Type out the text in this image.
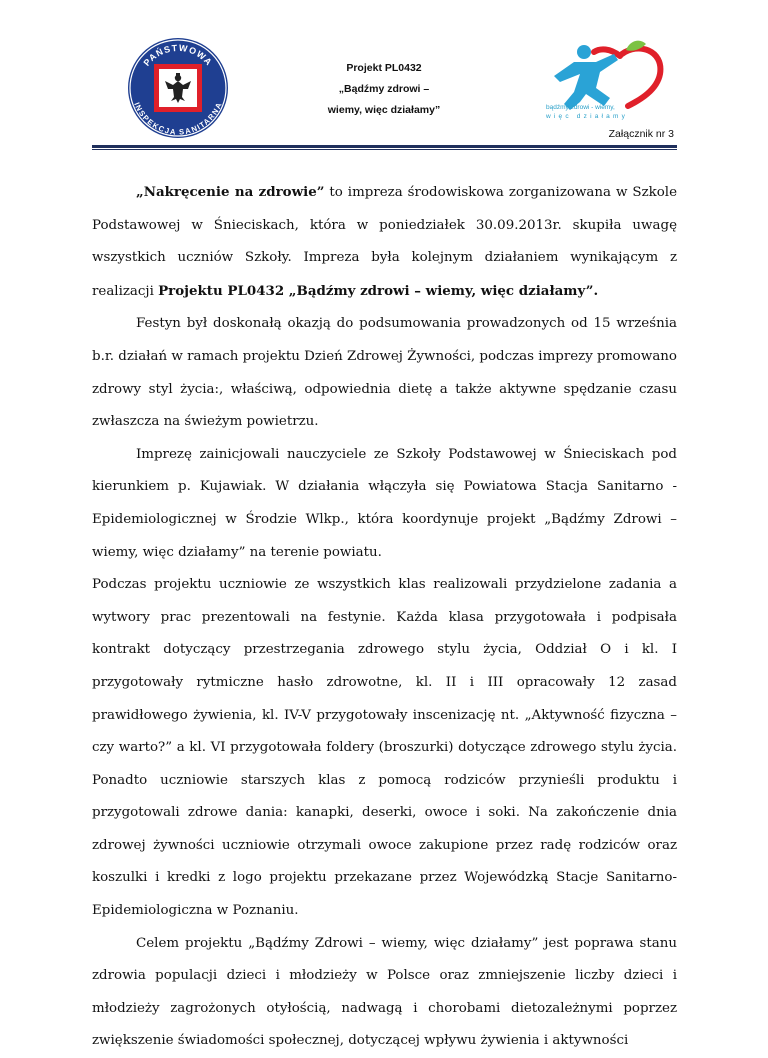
PAŃSTWOWA
INSPEKCJA SANITARNA
Projekt PL0432
„Bądźmy zdrowi –
wiemy, więc działamy”	bądźmy zdrowi - wiemy,
więc działamy
Załącznik nr 3

„Nakręcenie na zdrowie” to impreza środowiskowa zorganizowana w Szkole Podstawowej w Śnieciskach, która w poniedziałek 30.09.2013r. skupiła uwagę wszystkich uczniów Szkoły. Impreza była kolejnym działaniem wynikającym z realizacji Projektu PL0432 „Bądźmy zdrowi – wiemy, więc działamy”.

Festyn był doskonałą okazją do podsumowania prowadzonych od 15 września b.r. działań w ramach projektu Dzień Zdrowej Żywności, podczas imprezy promowano zdrowy styl życia:, właściwą, odpowiednia dietę a także aktywne spędzanie czasu zwłaszcza na świeżym powietrzu.

Imprezę zainicjowali nauczyciele ze Szkoły Podstawowej w Śnieciskach pod kierunkiem p. Kujawiak. W działania włączyła się Powiatowa Stacja Sanitarno - Epidemiologicznej w Środzie Wlkp., która koordynuje projekt „Bądźmy Zdrowi – wiemy, więc działamy” na terenie powiatu.

Podczas projektu uczniowie ze wszystkich klas realizowali przydzielone zadania a wytwory prac prezentowali na festynie. Każda klasa przygotowała i podpisała kontrakt dotyczący przestrzegania zdrowego stylu życia, Oddział O i kl. I przygotowały rytmiczne hasło zdrowotne, kl. II i III opracowały 12 zasad prawidłowego żywienia, kl. IV-V przygotowały inscenizację nt. „Aktywność fizyczna – czy warto?” a kl. VI przygotowała foldery (broszurki) dotyczące zdrowego stylu życia. Ponadto uczniowie starszych klas z pomocą rodziców przynieśli produktu i przygotowali zdrowe dania: kanapki, deserki, owoce i soki. Na zakończenie dnia zdrowej żywności uczniowie otrzymali owoce zakupione przez radę rodziców oraz koszulki i kredki z logo projektu przekazane przez Wojewódzką Stacje Sanitarno-Epidemiologiczna w Poznaniu.

Celem projektu „Bądźmy Zdrowi – wiemy, więc działamy” jest poprawa stanu zdrowia populacji dzieci i młodzieży w Polsce oraz zmniejszenie liczby dzieci i młodzieży zagrożonych otyłością, nadwagą i chorobami dietozależnymi poprzez zwiększenie świadomości społecznej, dotyczącej wpływu żywienia i aktywności
